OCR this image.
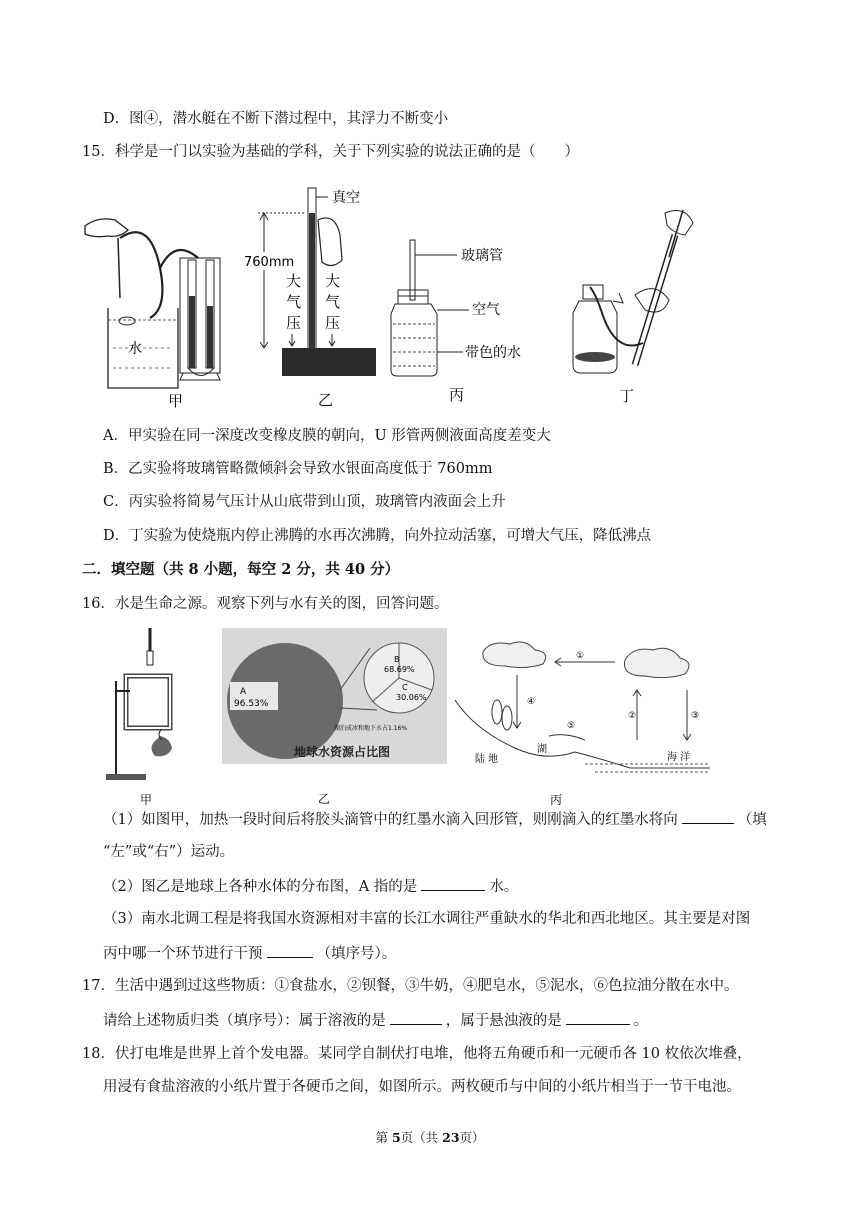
D．图④，潜水艇在不断下潜过程中，其浮力不断变小
15．科学是一门以实验为基础的学科，关于下列实验的说法正确的是（　　）
水
甲
真空
760mm
大
气
压
大
气
压
乙
玻璃管
空气
带色的水
丙	丁
A．甲实验在同一深度改变橡皮膜的朝向，U 形管两侧液面高度差变大
B．乙实验将玻璃管略微倾斜会导致水银面高度低于 760mm
C．丙实验将简易气压计从山底带到山顶，玻璃管内液面会上升
D．丁实验为使烧瓶内停止沸腾的水再次沸腾，向外拉动活塞，可增大气压，降低沸点
二．填空题（共 8 小题，每空 2 分，共 40 分）
16．水是生命之源。观察下列与水有关的图，回答问题。
甲
A
96.53%
B
68.69%
C
30.06%
湖泊成冰和地下水占1.16%
地球水资源占比图
乙
①
②	③
④
⑤
陆 地
湖
海 洋
丙
（1）如图甲，加热一段时间后将胶头滴管中的红墨水滴入回形管，则刚滴入的红墨水将向	（填
“左”或“右”）运动。
（2）图乙是地球上各种水体的分布图，A 指的是	水。
（3）南水北调工程是将我国水资源相对丰富的长江水调往严重缺水的华北和西北地区。其主要是对图
丙中哪一个环节进行干预	（填序号）。
17．生活中遇到过这些物质：①食盐水，②钡餐，③牛奶，④肥皂水，⑤泥水，⑥色拉油分散在水中。
请给上述物质归类（填序号）：属于溶液的是	，属于悬浊液的是	。
18．伏打电堆是世界上首个发电器。某同学自制伏打电堆，他将五角硬币和一元硬币各 10 枚依次堆叠，
用浸有食盐溶液的小纸片置于各硬币之间，如图所示。两枚硬币与中间的小纸片相当于一节干电池。
第 5页（共 23页）
